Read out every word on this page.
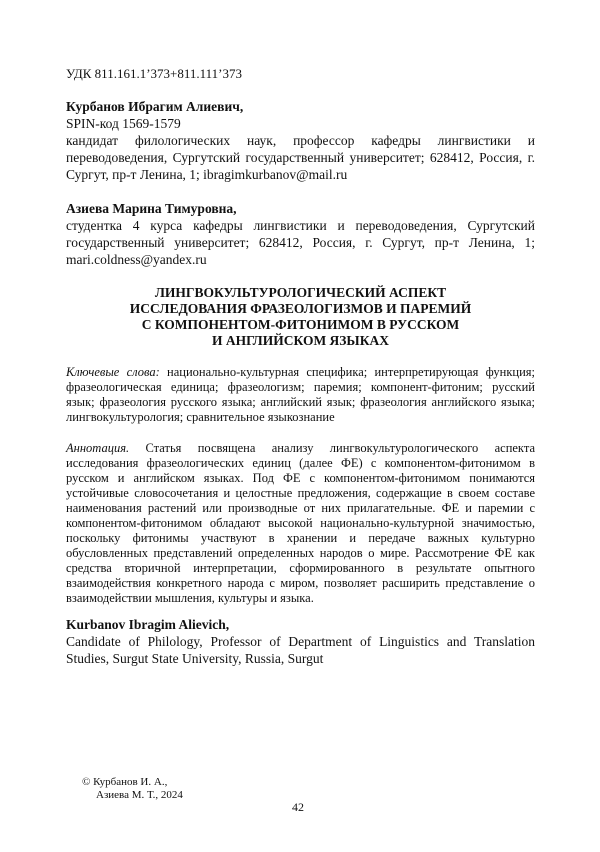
УДК 811.161.1’373+811.111’373

Курбанов Ибрагим Алиевич,

SPIN-код 1569-1579

кандидат филологических наук, профессор кафедры лингвистики и переводоведения, Сургутский государственный университет; 628412, Россия, г. Сургут, пр-т Ленина, 1; ibragimkurbanov@mail.ru

Азиева Марина Тимуровна,

студентка 4 курса кафедры лингвистики и переводоведения, Сургутский государственный университет; 628412, Россия, г. Сургут, пр-т Ленина, 1; mari.coldness@yandex.ru

ЛИНГВОКУЛЬТУРОЛОГИЧЕСКИЙ АСПЕКТ
ИССЛЕДОВАНИЯ ФРАЗЕОЛОГИЗМОВ И ПАРЕМИЙ
С КОМПОНЕНТОМ-ФИТОНИМОМ В РУССКОМ
И АНГЛИЙСКОМ ЯЗЫКАХ

Ключевые слова: национально-культурная специфика; интерпретирующая функция; фразеологическая единица; фразеологизм; паремия; компонент-фитоним; русский язык; фразеология русского языка; английский язык; фразеология английского языка; лингвокультурология; сравнительное языкознание

Аннотация. Статья посвящена анализу лингвокультурологического аспекта исследования фразеологических единиц (далее ФЕ) с компонентом-фитонимом в русском и английском языках. Под ФЕ с компонентом-фитонимом понимаются устойчивые словосочетания и целостные предложения, содержащие в своем составе наименования растений или производные от них прилагательные. ФЕ и паремии с компонентом-фитонимом обладают высокой национально-культурной значимостью, поскольку фитонимы участвуют в хранении и передаче важных культурно обусловленных представлений определенных народов о мире. Рассмотрение ФЕ как средства вторичной интерпретации, сформированного в результате опытного взаимодействия конкретного народа с миром, позволяет расширить представление о взаимодействии мышления, культуры и языка.

Kurbanov Ibragim Alievich,

Candidate of Philology, Professor of Department of Linguistics and Translation Studies, Surgut State University, Russia, Surgut

© Курбанов И. А.,
Азиева М. Т., 2024
42
